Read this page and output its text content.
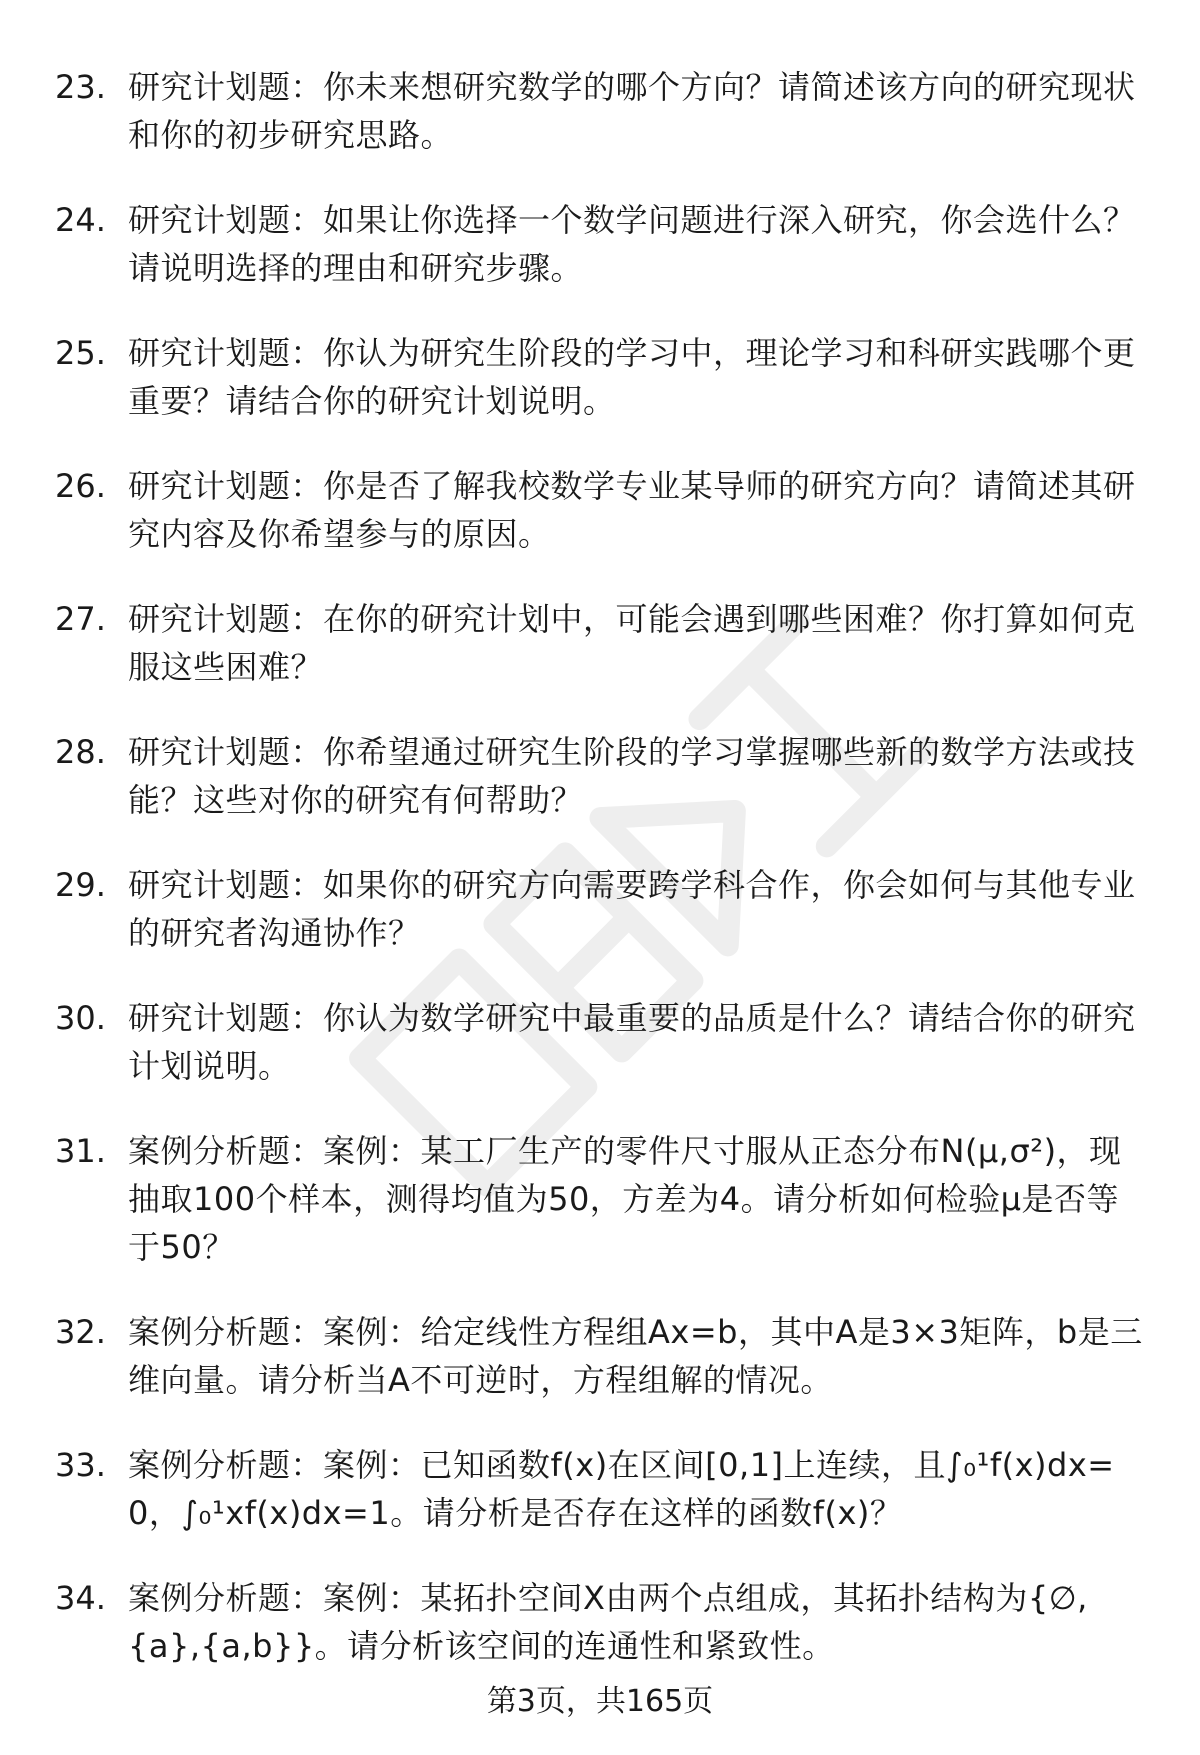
23. 研究计划题：你未来想研究数学的哪个方向？请简述该方向的研究现状和你的初步研究思路。
24. 研究计划题：如果让你选择一个数学问题进行深入研究，你会选什么？请说明选择的理由和研究步骤。
25. 研究计划题：你认为研究生阶段的学习中，理论学习和科研实践哪个更重要？请结合你的研究计划说明。
26. 研究计划题：你是否了解我校数学专业某导师的研究方向？请简述其研究内容及你希望参与的原因。
27. 研究计划题：在你的研究计划中，可能会遇到哪些困难？你打算如何克服这些困难？
28. 研究计划题：你希望通过研究生阶段的学习掌握哪些新的数学方法或技能？这些对你的研究有何帮助？
29. 研究计划题：如果你的研究方向需要跨学科合作，你会如何与其他专业的研究者沟通协作？
30. 研究计划题：你认为数学研究中最重要的品质是什么？请结合你的研究计划说明。
31. 案例分析题：案例：某工厂生产的零件尺寸服从正态分布N(μ,σ²)，现抽取100个样本，测得均值为50，方差为4。请分析如何检验μ是否等于50？
32. 案例分析题：案例：给定线性方程组Ax=b，其中A是3×3矩阵，b是三维向量。请分析当A不可逆时，方程组解的情况。
33. 案例分析题：案例：已知函数f(x)在区间[0,1]上连续，且∫₀¹f(x)dx=0，∫₀¹xf(x)dx=1。请分析是否存在这样的函数f(x)？
34. 案例分析题：案例：某拓扑空间X由两个点组成，其拓扑结构为{∅,{a},{a,b}}。请分析该空间的连通性和紧致性。
第3页，共165页
